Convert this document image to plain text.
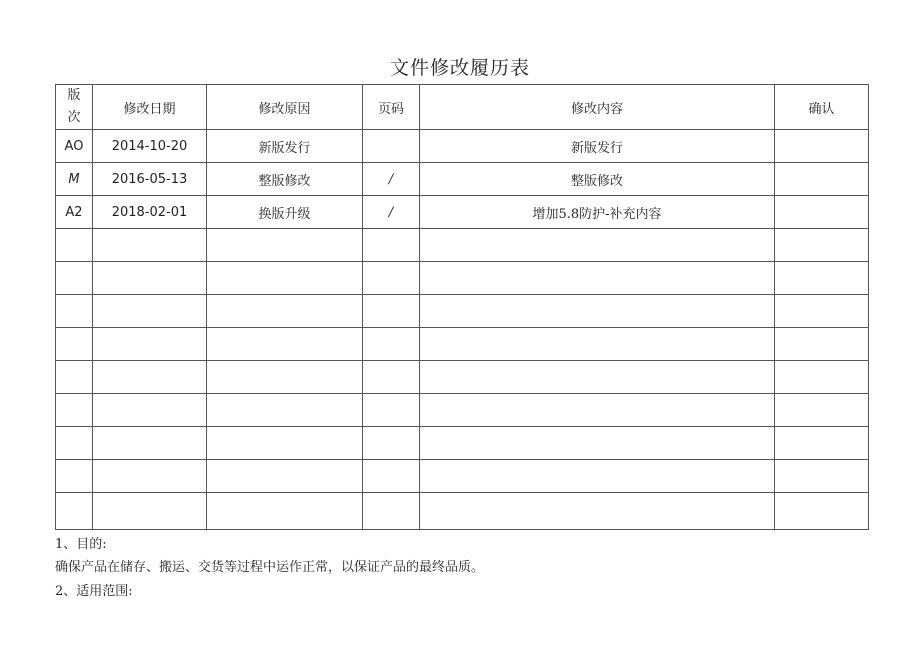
文件修改履历表
版次	修改日期	修改原因	页码	修改内容	确认
AO	2014-10-20	新版发行		新版发行	
M	2016-05-13	整版修改	/	整版修改	
A2	2018-02-01	换版升级	/	增加5.8防护-补充内容	

1、目的:
确保产品在储存、搬运、交货等过程中运作正常，以保证产品的最终品质。
2、适用范围:
